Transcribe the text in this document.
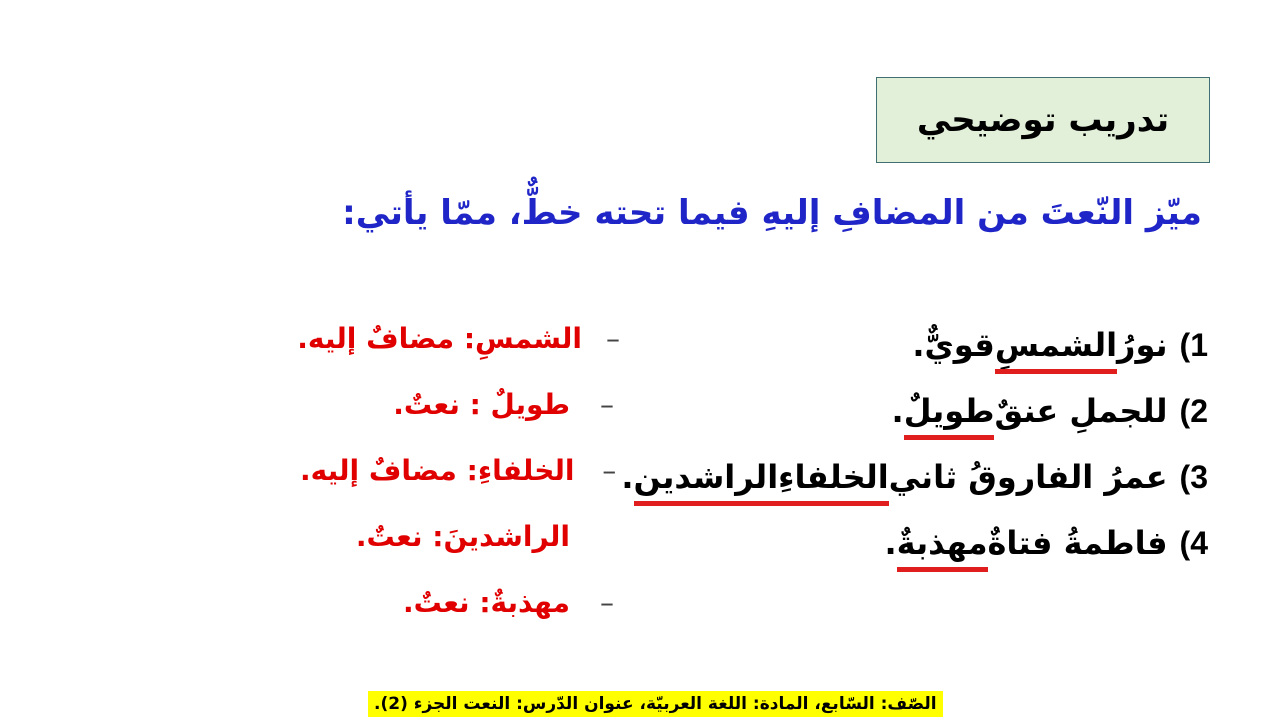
تدريب توضيحي
ميّز النّعتَ من المضافِ إليهِ فيما تحته خطٌّ، ممّا يأتي:
1)
نورُ
الشمسِ
قويٌّ
.
2)
للجملِ عنقٌ
طويلٌ
.
3)
عمرُ الفاروقُ ثاني
الخلفاءِ
الراشدين
.
4)
فاطمةُ فتاةٌ
مهذبةٌ
.
–
الشمسِ: مضافٌ إليه.
–
طويلٌ : نعتٌ.
–
الخلفاءِ: مضافٌ إليه.
الراشدينَ: نعتٌ.
–
مهذبةٌ: نعتٌ.
الصّف: السّابع، المادة: اللغة العربيّة، عنوان الدّرس: النعت الجزء (2).
